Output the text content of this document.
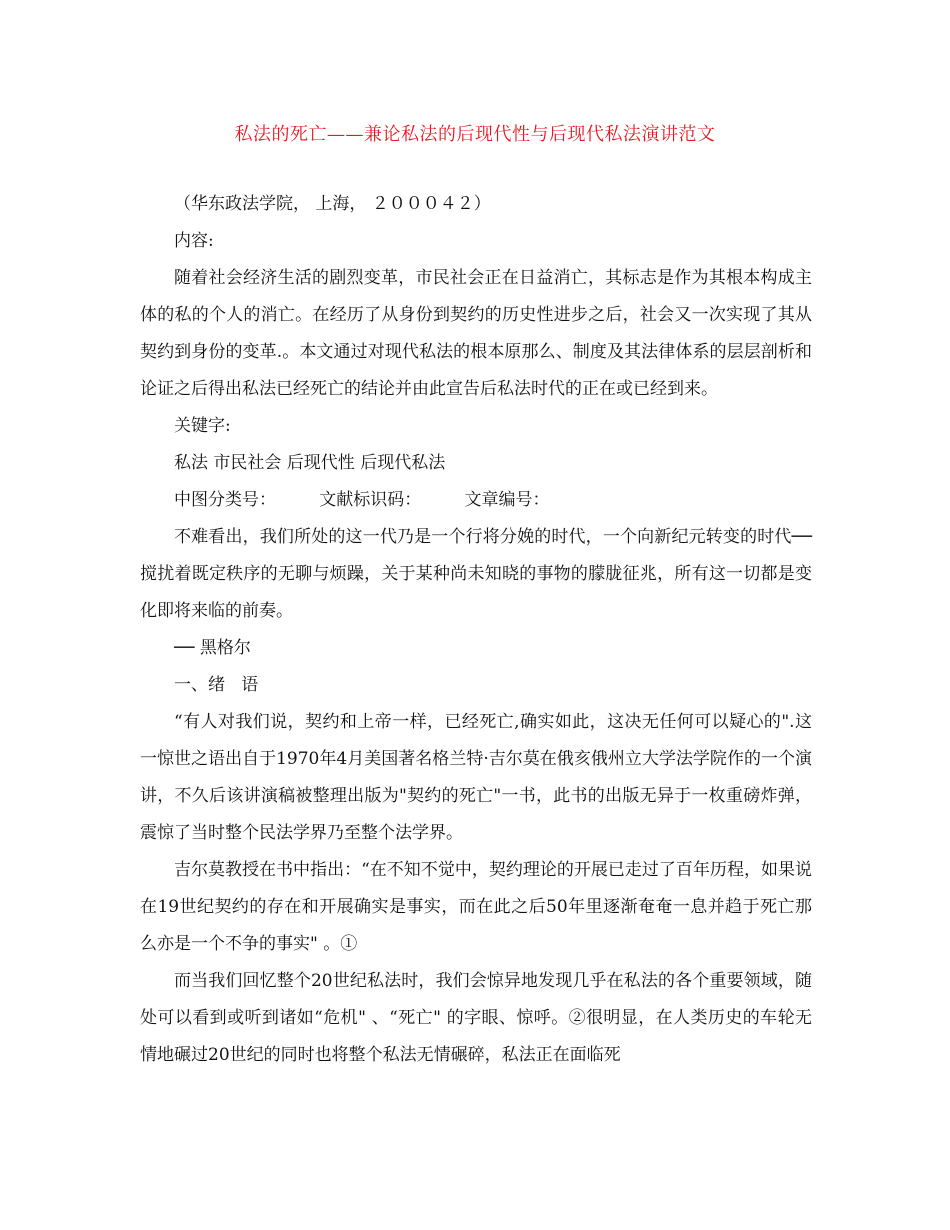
私法的死亡——兼论私法的后现代性与后现代私法演讲范文

（华东政法学院， 上海， ２０００４２）

内容:

随着社会经济生活的剧烈变革，市民社会正在日益消亡，其标志是作为其根本构成主体的私的个人的消亡。在经历了从身份到契约的历史性进步之后，社会又一次实现了其从契约到身份的变革.。本文通过对现代私法的根本原那么、制度及其法律体系的层层剖析和论证之后得出私法已经死亡的结论并由此宣告后私法时代的正在或已经到来。

关键字:

私法 市民社会 后现代性 后现代私法

中图分类号：        文献标识码：        文章编号：

不难看出，我们所处的这一代乃是一个行将分娩的时代，一个向新纪元转变的时代──搅扰着既定秩序的无聊与烦躁，关于某种尚未知晓的事物的朦胧征兆，所有这一切都是变化即将来临的前奏。

── 黑格尔

一、绪   语

“有人对我们说，契约和上帝一样，已经死亡,确实如此，这决无任何可以疑心的".这一惊世之语出自于1970年4月美国著名格兰特·吉尔莫在俄亥俄州立大学法学院作的一个演讲，不久后该讲演稿被整理出版为"契约的死亡"一书，此书的出版无异于一枚重磅炸弹，震惊了当时整个民法学界乃至整个法学界。

吉尔莫教授在书中指出：“在不知不觉中，契约理论的开展已走过了百年历程，如果说在19世纪契约的存在和开展确实是事实，而在此之后50年里逐渐奄奄一息并趋于死亡那么亦是一个不争的事实" 。①

而当我们回忆整个20世纪私法时，我们会惊异地发现几乎在私法的各个重要领域，随处可以看到或听到诸如“危机" 、“死亡" 的字眼、惊呼。②很明显，在人类历史的车轮无情地碾过20世纪的同时也将整个私法无情碾碎，私法正在面临死
